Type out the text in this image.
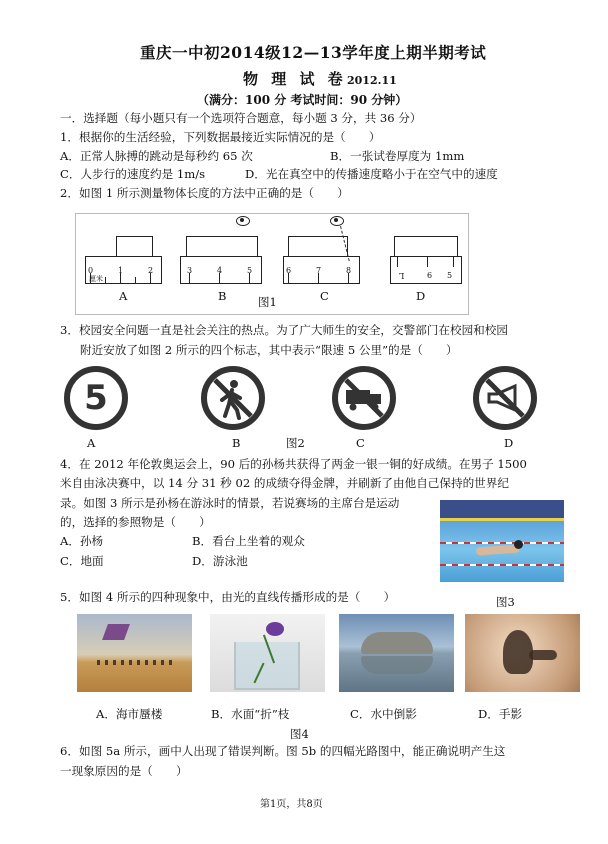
重庆一中初2014级12—13学年度上期半期考试
物 理 试 卷 2012.11
（满分：100 分 考试时间：90 分钟）
一．选择题（每小题只有一个选项符合题意，每小题 3 分，共 36 分）
1．根据你的生活经验，下列数据最接近实际情况的是（　　）
A．正常人脉搏的跳动是每秒约 65 次	B．一张试卷厚度为 1mm
C．人步行的速度约是 1m/s	D．光在真空中的传播速度略小于在空气中的速度
2．如图 1 所示测量物体长度的方法中正确的是（　　）
0	1	2
厘米
A
3	4	5
B
6	7	8
C
L	6 5
D
图1
3．校园安全问题一直是社会关注的热点。为了广大师生的安全，交警部门在校园和校园
附近安放了如图 2 所示的四个标志，其中表示“限速 5 公里”的是（　　）
5
A	B	图2	C	D
4．在 2012 年伦敦奥运会上，90 后的孙杨共获得了两金一银一铜的好成绩。在男子 1500
米自由泳决赛中，以 14 分 31 秒 02 的成绩夺得金牌，并刷新了由他自己保持的世界纪
录。如图 3 所示是孙杨在游泳时的情景，若说赛场的主席台是运动
的，选择的参照物是（　　）
A．孙杨	B．看台上坐着的观众
C．地面	D．游泳池
5．如图 4 所示的四种现象中，由光的直线传播形成的是（　　）	图3
A．海市蜃楼	B．水面“折”枝	C．水中倒影	D．手影
图4
6．如图 5a 所示，画中人出现了错误判断。图 5b 的四幅光路图中，能正确说明产生这
一现象原因的是（　　）
第1页，共8页
